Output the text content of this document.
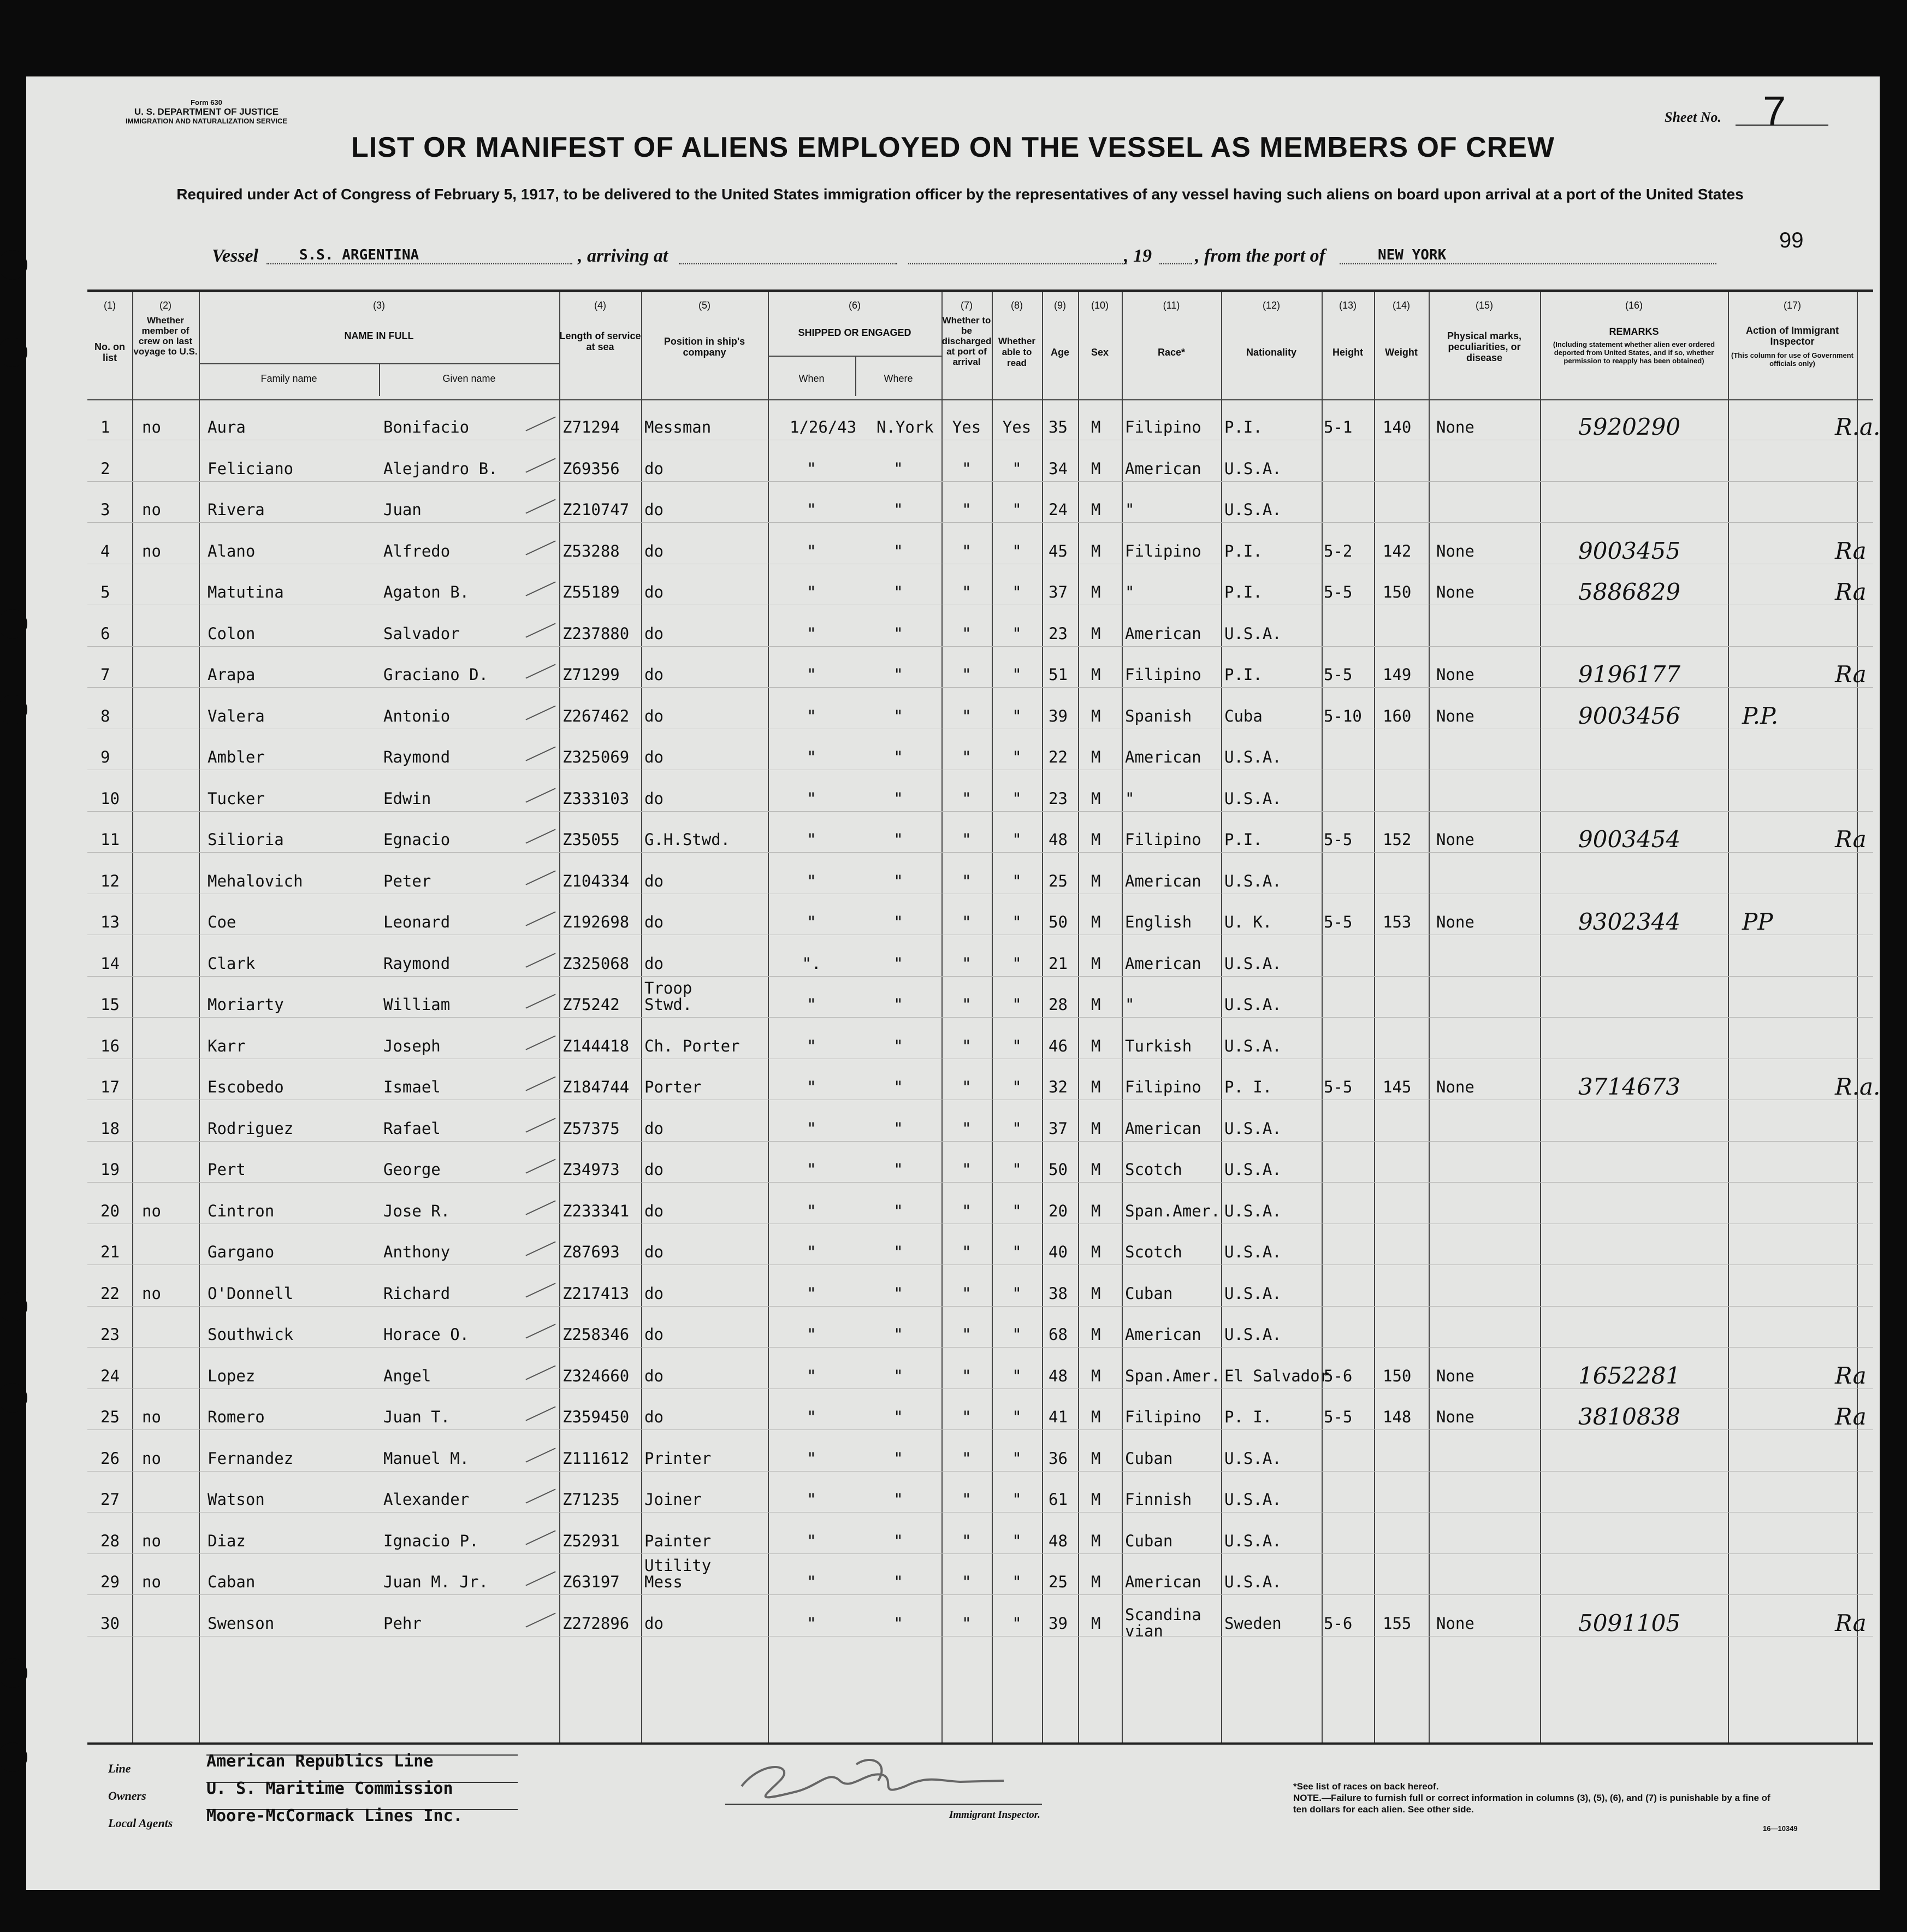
Form 630
U. S. DEPARTMENT OF JUSTICE
IMMIGRATION AND NATURALIZATION SERVICE
LIST OR MANIFEST OF ALIENS EMPLOYED ON THE VESSEL AS MEMBERS OF CREW
Required under Act of Congress of February 5, 1917, to be delivered to the United States immigration officer by the representatives of any vessel having such aliens on board upon arrival at a port of the United States
Sheet No. 7
99
Vessel	S.S. ARGENTINA	, arriving at	, 19 , from the port of	NEW YORK
(1)	(2)	(3)	(4)	(5)	(6)	(7)	(8)	(9)	(10)	(11)	(12)	(13)	(14)	(15)	(16)	(17)
No. on list
Whether member of crew on last voyage to U.S.
NAME IN FULL
Family name	Given name
Length of service at sea	Position in ship's company
SHIPPED OR ENGAGED
When	Where
Whether to be discharged at port of arrival
Whether able to read
Age	Sex	Race*	Nationality	Height	Weight
Physical marks, peculiarities, or disease
REMARKS
(Including statement whether alien ever ordered deported from United States, and if so, whether permission to reapply has been obtained)
Action of Immigrant Inspector
(This column for use of Government officials only)
1 no	Aura	Bonifacio	Z71294 Messman	1/26/43 N.York	Yes	Yes	35 M Filipino P.I.	5-1 140 None	5920290	R.a.
2	Feliciano	Alejandro B.	Z69356 do	"	"	"	"	34 M American U.S.A.
3 no	Rivera	Juan	Z210747 do	"	"	"	"	24 M "	U.S.A.
4 no	Alano	Alfredo	Z53288 do	"	"	"	"	45 M Filipino P.I.	5-2 142 None	9003455	Ra
5	Matutina	Agaton B.	Z55189 do	"	"	"	"	37 M "	P.I.	5-5 150 None	5886829	Ra
6	Colon	Salvador	Z237880 do	"	"	"	"	23 M American U.S.A.
7	Arapa	Graciano D.	Z71299 do	"	"	"	"	51 M Filipino P.I.	5-5 149 None	9196177	Ra
8	Valera	Antonio	Z267462 do	"	"	"	"	39 M Spanish Cuba	5-10 160 None	9003456	P.P.
9	Ambler	Raymond	Z325069 do	"	"	"	"	22 M American U.S.A.
10	Tucker	Edwin	Z333103 do	"	"	"	"	23 M "	U.S.A.
11	Silioria	Egnacio	Z35055 G.H.Stwd.	"	"	"	"	48 M Filipino P.I.	5-5 152 None	9003454	Ra
12	Mehalovich	Peter	Z104334 do	"	"	"	"	25 M American U.S.A.
13	Coe	Leonard	Z192698 do	"	"	"	"	50 M English U. K.	5-5 153 None	9302344	PP
14	Clark	Raymond	Z325068 do	".	"	"	"	21 M American U.S.A.
15	Moriarty	William	Z75242
Troop Stwd.	"	"	"	"	28 M "	U.S.A.
16	Karr	Joseph	Z144418 Ch. Porter	"	"	"	"	46 M Turkish U.S.A.
17	Escobedo	Ismael	Z184744 Porter	"	"	"	"	32 M Filipino P. I.	5-5 145 None	3714673	R.a.
18	Rodriguez	Rafael	Z57375 do	"	"	"	"	37 M American U.S.A.
19	Pert	George	Z34973 do	"	"	"	"	50 M Scotch	U.S.A.
20 no	Cintron	Jose R.	Z233341 do	"	"	"	"	20 M Span.Amer. U.S.A.
21	Gargano	Anthony	Z87693 do	"	"	"	"	40 M Scotch	U.S.A.
22 no	O'Donnell	Richard	Z217413 do	"	"	"	"	38 M Cuban	U.S.A.
23	Southwick	Horace O.	Z258346 do	"	"	"	"	68 M American U.S.A.
24	Lopez	Angel	Z324660 do	"	"	"	"	48 M Span.Amer. El Salvador
5-6 150 None	1652281	Ra
25 no	Romero	Juan T.	Z359450 do	"	"	"	"	41 M Filipino P. I.	5-5 148 None	3810838	Ra
26 no	Fernandez	Manuel M.	Z111612 Printer	"	"	"	"	36 M Cuban	U.S.A.
27	Watson	Alexander	Z71235 Joiner	"	"	"	"	61 M Finnish U.S.A.
28 no	Diaz	Ignacio P.	Z52931 Painter	"	"	"	"	48 M Cuban	U.S.A.
29 no	Caban	Juan M. Jr.	Z63197
Utility Mess	"	"	"	"	25 M American U.S.A.
30	Swenson	Pehr	Z272896 do	"	"	"	"	39 M Scandinavian	Sweden	5-6 155 None	5091105	Ra
Line	American Republics Line
Owners	U. S. Maritime Commission
Local Agents Moore-McCormack Lines Inc.	Immigrant Inspector.
*See list of races on back hereof.
NOTE.—Failure to furnish full or correct information in columns (3), (5), (6), and (7) is punishable by a fine of ten dollars for each alien. See other side.
16—10349
